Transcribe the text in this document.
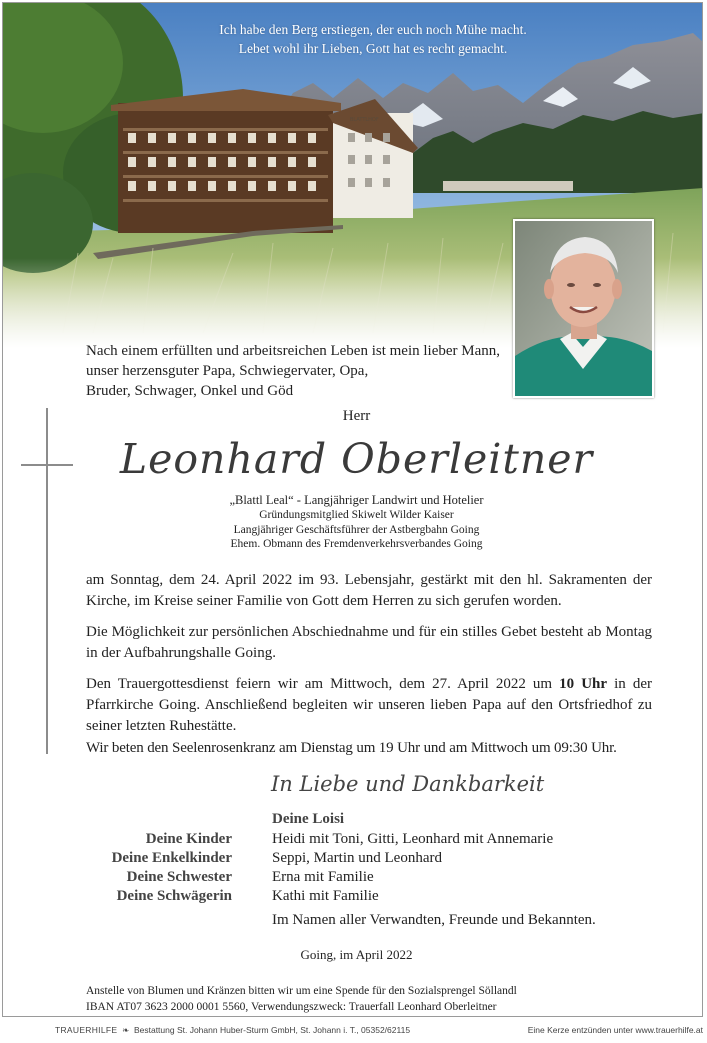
BLATTLHOF
Ich habe den Berg erstiegen, der euch noch Mühe macht.
Lebet wohl ihr Lieben, Gott hat es recht gemacht.
Nach einem erfüllten und arbeitsreichen Leben ist mein lieber Mann,
unser herzensguter Papa, Schwiegervater, Opa,
Bruder, Schwager, Onkel und Göd
Herr
Leonhard Oberleitner
„Blattl Leal“ - Langjähriger Landwirt und Hotelier
Gründungsmitglied Skiwelt Wilder Kaiser
Langjähriger Geschäftsführer der Astbergbahn Going
Ehem. Obmann des Fremdenverkehrsverbandes Going
am Sonntag, dem 24. April 2022 im 93. Lebensjahr, gestärkt mit den hl. Sakramenten der Kirche, im Kreise seiner Familie von Gott dem Herren zu sich gerufen worden.
Die Möglichkeit zur persönlichen Abschiednahme und für ein stilles Gebet besteht ab Montag in der Aufbahrungshalle Going.
Den Trauergottesdienst feiern wir am Mittwoch, dem 27. April 2022 um 10 Uhr in der Pfarrkirche Going. Anschließend begleiten wir unseren lieben Papa auf den Ortsfriedhof zu seiner letzten Ruhestätte.
Wir beten den Seelenrosenkranz am Dienstag um 19 Uhr und am Mittwoch um 09:30 Uhr.
In Liebe und Dankbarkeit
Deine Loisi
Deine Kinder	Heidi mit Toni, Gitti, Leonhard mit Annemarie
Deine Enkelkinder	Seppi, Martin und Leonhard
Deine Schwester	Erna mit Familie
Deine Schwägerin	Kathi mit Familie
Im Namen aller Verwandten, Freunde und Bekannten.
Going, im April 2022
Anstelle von Blumen und Kränzen bitten wir um eine Spende für den Sozialsprengel Söllandl
IBAN AT07 3623 2000 0001 5560, Verwendungszweck: Trauerfall Leonhard Oberleitner
TRAUERHILFE  ❧  Bestattung St. Johann Huber-Sturm GmbH, St. Johann i. T., 05352/62115	Eine Kerze entzünden unter www.trauerhilfe.at
